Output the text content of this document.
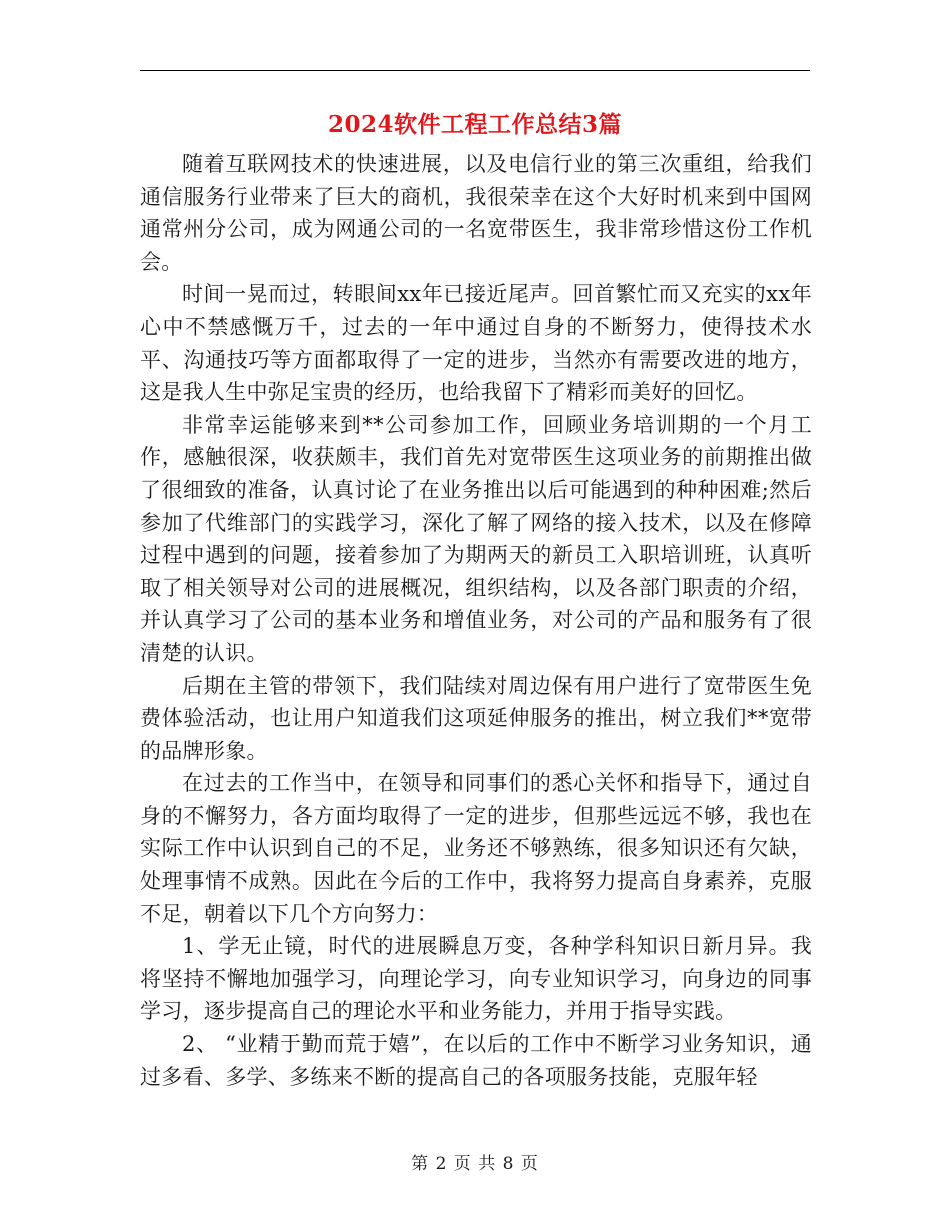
2024软件工程工作总结3篇

随着互联网技术的快速进展，以及电信行业的第三次重组，给我们通信服务行业带来了巨大的商机，我很荣幸在这个大好时机来到中国网通常州分公司，成为网通公司的一名宽带医生，我非常珍惜这份工作机会。

时间一晃而过，转眼间xx年已接近尾声。回首繁忙而又充实的xx年心中不禁感慨万千，过去的一年中通过自身的不断努力，使得技术水平、沟通技巧等方面都取得了一定的进步，当然亦有需要改进的地方，这是我人生中弥足宝贵的经历，也给我留下了精彩而美好的回忆。

非常幸运能够来到**公司参加工作，回顾业务培训期的一个月工作，感触很深，收获颇丰，我们首先对宽带医生这项业务的前期推出做了很细致的准备，认真讨论了在业务推出以后可能遇到的种种困难;然后参加了代维部门的实践学习，深化了解了网络的接入技术，以及在修障过程中遇到的问题，接着参加了为期两天的新员工入职培训班，认真听取了相关领导对公司的进展概况，组织结构，以及各部门职责的介绍，并认真学习了公司的基本业务和增值业务，对公司的产品和服务有了很清楚的认识。

后期在主管的带领下，我们陆续对周边保有用户进行了宽带医生免费体验活动，也让用户知道我们这项延伸服务的推出，树立我们**宽带的品牌形象。

在过去的工作当中，在领导和同事们的悉心关怀和指导下，通过自身的不懈努力，各方面均取得了一定的进步，但那些远远不够，我也在实际工作中认识到自己的不足，业务还不够熟练，很多知识还有欠缺，处理事情不成熟。因此在今后的工作中，我将努力提高自身素养，克服不足，朝着以下几个方向努力：

1、学无止镜，时代的进展瞬息万变，各种学科知识日新月异。我将坚持不懈地加强学习，向理论学习，向专业知识学习，向身边的同事学习，逐步提高自己的理论水平和业务能力，并用于指导实践。

2、 “业精于勤而荒于嬉”，在以后的工作中不断学习业务知识，通过多看、多学、多练来不断的提高自己的各项服务技能，克服年轻

第 2 页 共 8 页
